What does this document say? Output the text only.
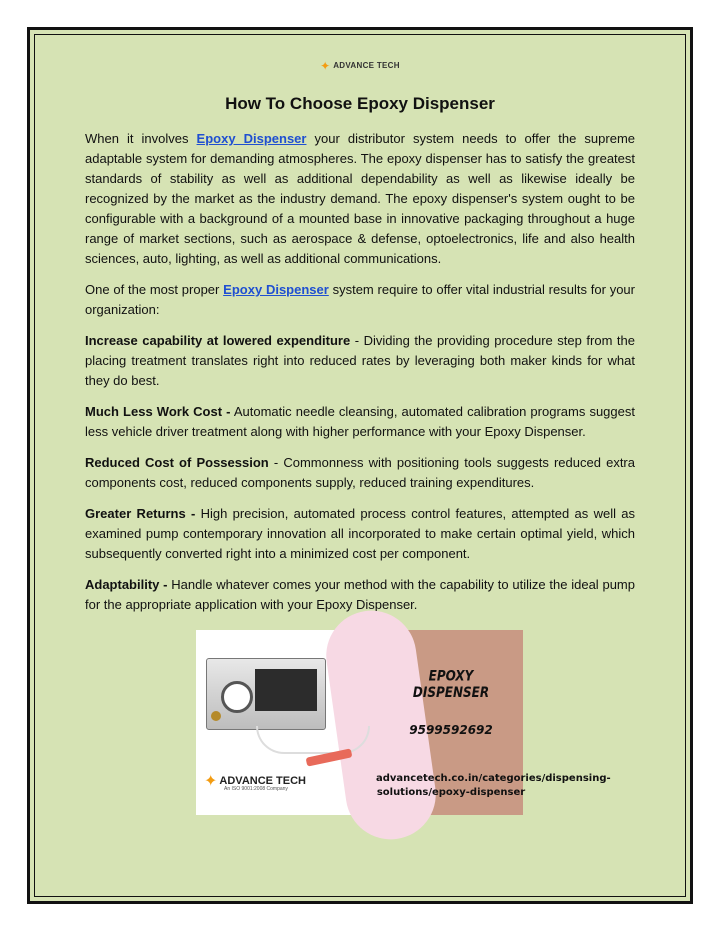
✦ ADVANCE TECH
How To Choose Epoxy Dispenser

When it involves Epoxy Dispenser your distributor system needs to offer the supreme adaptable system for demanding atmospheres. The epoxy dispenser has to satisfy the greatest standards of stability as well as additional dependability as well as likewise ideally be recognized by the market as the industry demand. The epoxy dispenser's system ought to be configurable with a background of a mounted base in innovative packaging throughout a huge range of market sections, such as aerospace & defense, optoelectronics, life and also health sciences, auto, lighting, as well as additional communications.

One of the most proper Epoxy Dispenser system require to offer vital industrial results for your organization:

Increase capability at lowered expenditure - Dividing the providing procedure step from the placing treatment translates right into reduced rates by leveraging both maker kinds for what they do best.

Much Less Work Cost - Automatic needle cleansing, automated calibration programs suggest less vehicle driver treatment along with higher performance with your Epoxy Dispenser.

Reduced Cost of Possession - Commonness with positioning tools suggests reduced extra components cost, reduced components supply, reduced training expenditures.

Greater Returns - High precision, automated process control features, attempted as well as examined pump contemporary innovation all incorporated to make certain optimal yield, which subsequently converted right into a minimized cost per component.

Adaptability - Handle whatever comes your method with the capability to utilize the ideal pump for the appropriate application with your Epoxy Dispenser.

✦ ADVANCE TECH
An ISO 9001:2008 Company
EPOXY DISPENSER
9599592692
advancetech.co.in/categories/dispensing-solutions/epoxy-dispenser
